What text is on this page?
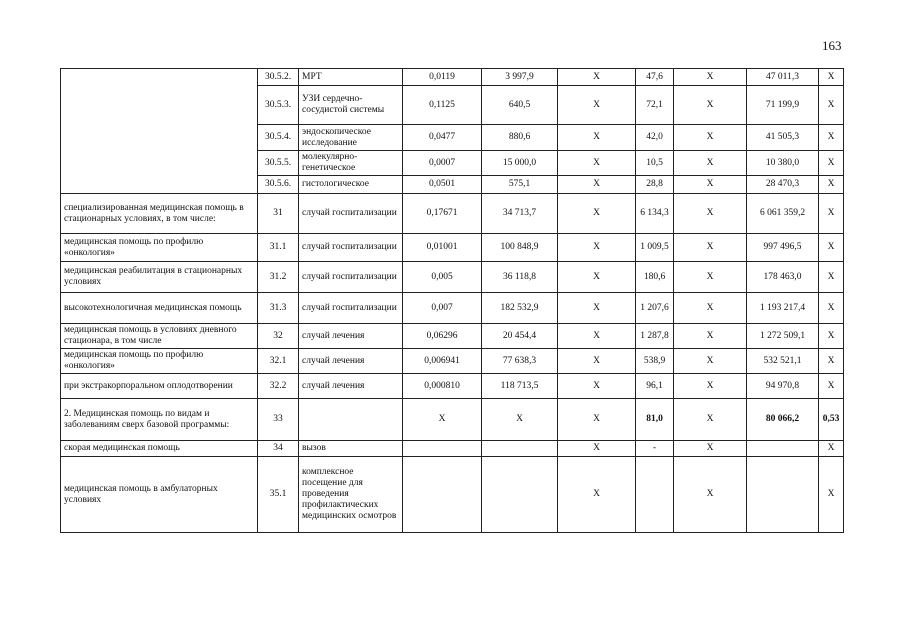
163
	30.5.2.	МРТ	0,0119	3 997,9	X	47,6	X	47 011,3	X
	30.5.3.	УЗИ сердечно-сосудистой системы	0,1125	640,5	X	72,1	X	71 199,9	X
	30.5.4.	эндоскопическое исследование	0,0477	880,6	X	42,0	X	41 505,3	X
	30.5.5.	молекулярно-генетическое	0,0007	15 000,0	X	10,5	X	10 380,0	X
	30.5.6.	гистологическое	0,0501	575,1	X	28,8	X	28 470,3	X
специализированная медицинская помощь в стационарных условиях, в том числе:	31	случай госпитализации	0,17671	34 713,7	X	6 134,3	X	6 061 359,2	X
медицинская помощь по профилю «онкология»	31.1	случай госпитализации	0,01001	100 848,9	X	1 009,5	X	997 496,5	X
медицинская реабилитация в стационарных условиях	31.2	случай госпитализации	0,005	36 118,8	X	180,6	X	178 463,0	X
высокотехнологичная медицинская помощь	31.3	случай госпитализации	0,007	182 532,9	X	1 207,6	X	1 193 217,4	X
медицинская помощь в условиях дневного стационара, в том числе	32	случай лечения	0,06296	20 454,4	X	1 287,8	X	1 272 509,1	X
медицинская помощь по профилю «онкология»	32.1	случай лечения	0,006941	77 638,3	X	538,9	X	532 521,1	X
при экстракорпоральном оплодотворении	32.2	случай лечения	0,000810	118 713,5	X	96,1	X	94 970,8	X
2. Медицинская помощь по видам и заболеваниям сверх базовой программы:	33		X	X	X	81,0	X	80 066,2	0,53
скорая медицинская помощь	34	вызов			X	-	X		X
медицинская помощь в амбулаторных условиях	35.1	комплексное посещение для проведения профилактических медицинских осмотров			X		X		X
